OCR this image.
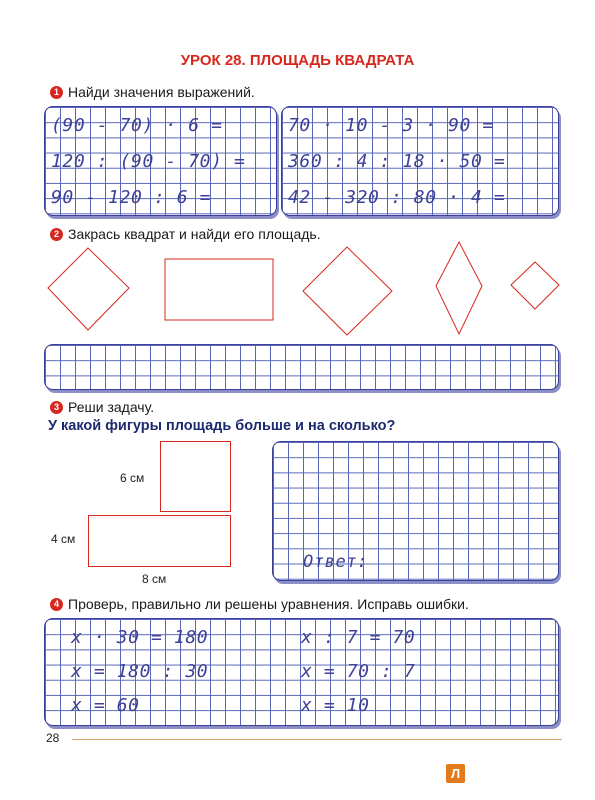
УРОК 28. ПЛОЩАДЬ КВАДРАТА
1 Найди значения выражений.
(90 - 70) · 6 =
120 : (90 - 70) =
90 - 120 : 6 =
70 · 10 - 3 · 90 =
360 : 4 : 18 · 50 =
42 - 320 : 80 · 4 =
2 Закрась квадрат и найди его площадь.
3 Реши задачу.
У какой фигуры площадь больше и на сколько?
6 см
4 см
8 см
Ответ:
4 Проверь, правильно ли решены уравнения. Исправь ошибки.
x · 30 = 180
x = 180 : 30
x = 60
x : 7 = 70
x = 70 : 7
x = 10
28
Л
